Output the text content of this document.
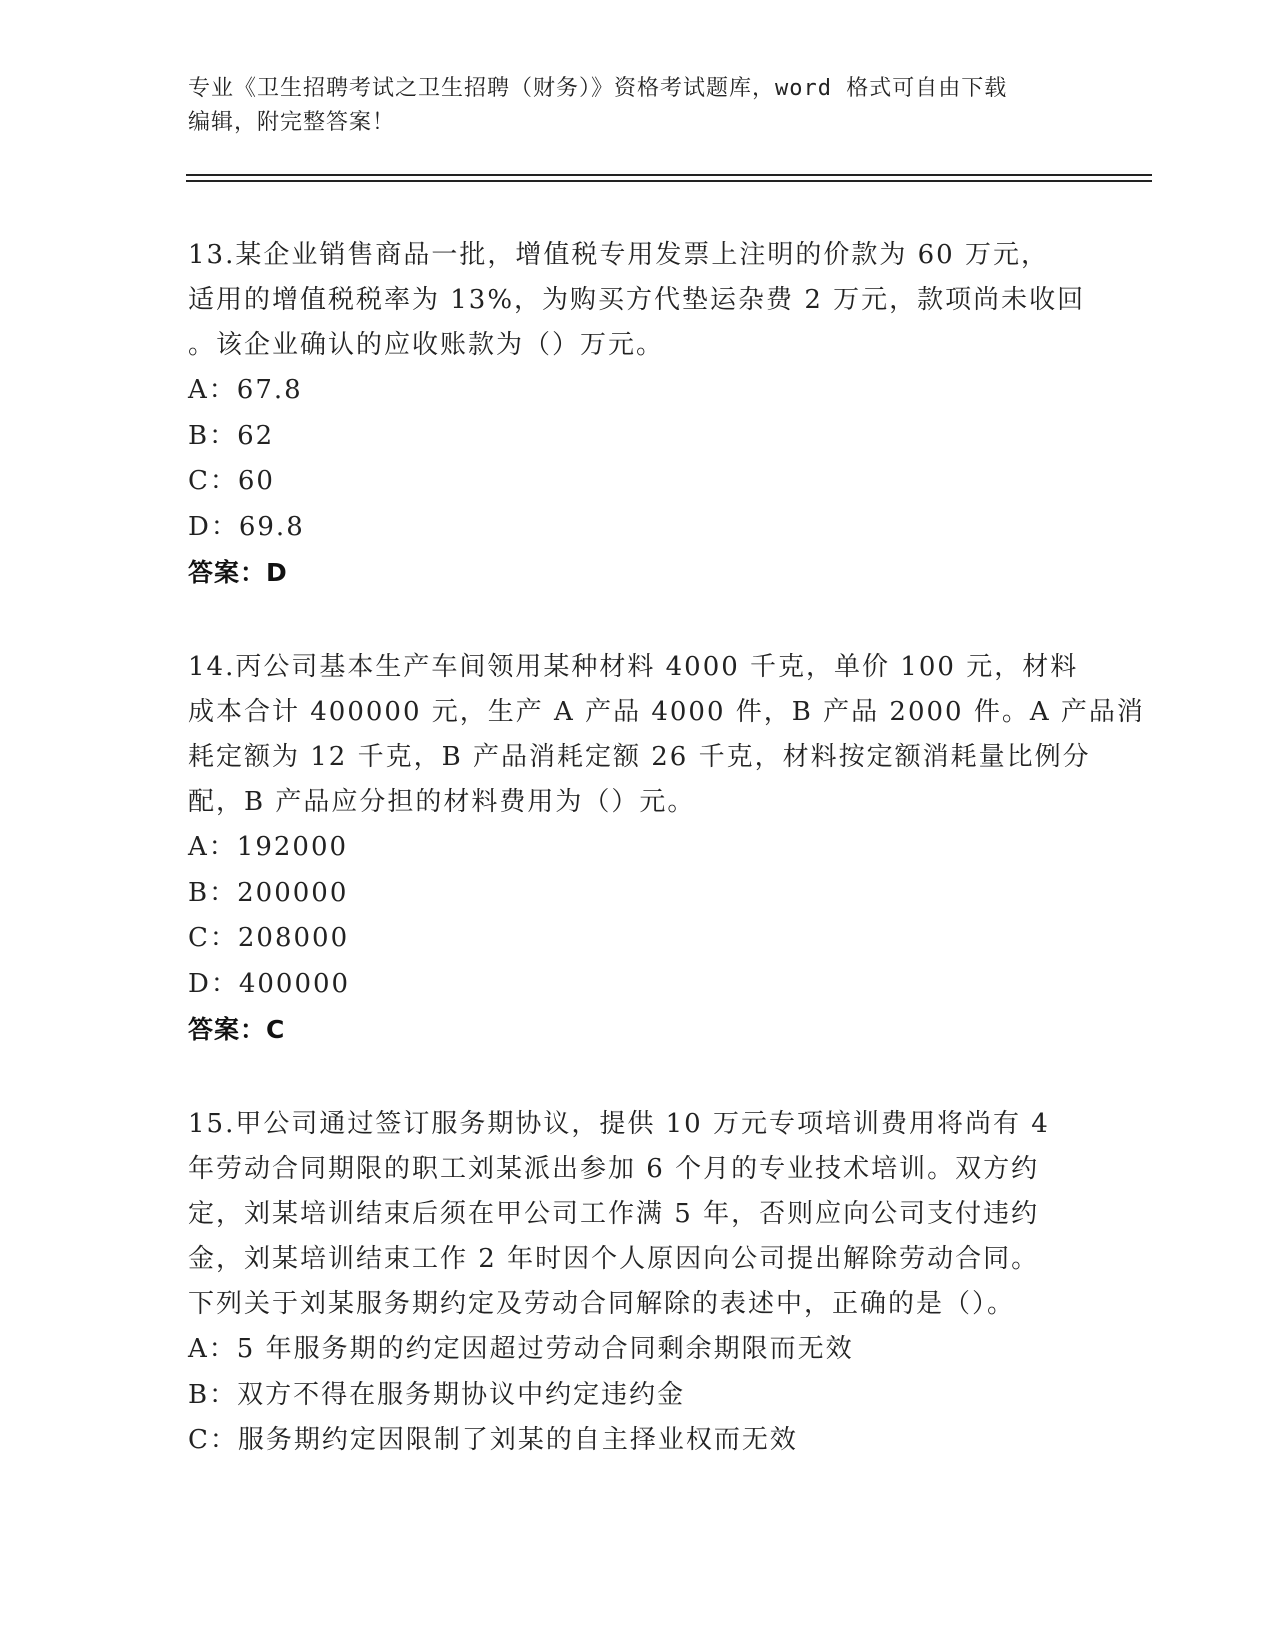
专业《卫生招聘考试之卫生招聘（财务）》资格考试题库，word 格式可自由下载
编辑，附完整答案！
13.某企业销售商品一批，增值税专用发票上注明的价款为 60 万元，
适用的增值税税率为 13%，为购买方代垫运杂费 2 万元，款项尚未收回
。该企业确认的应收账款为（）万元。
A：67.8
B：62
C：60
D：69.8
答案：D
14.丙公司基本生产车间领用某种材料 4000 千克，单价 100 元，材料
成本合计 400000 元，生产 A 产品 4000 件，B 产品 2000 件。A 产品消
耗定额为 12 千克，B 产品消耗定额 26 千克，材料按定额消耗量比例分
配，B 产品应分担的材料费用为（）元。
A：192000
B：200000
C：208000
D：400000
答案：C
15.甲公司通过签订服务期协议，提供 10 万元专项培训费用将尚有 4
年劳动合同期限的职工刘某派出参加 6 个月的专业技术培训。双方约
定，刘某培训结束后须在甲公司工作满 5 年，否则应向公司支付违约
金，刘某培训结束工作 2 年时因个人原因向公司提出解除劳动合同。
下列关于刘某服务期约定及劳动合同解除的表述中，正确的是（）。
A：5 年服务期的约定因超过劳动合同剩余期限而无效
B：双方不得在服务期协议中约定违约金
C：服务期约定因限制了刘某的自主择业权而无效
